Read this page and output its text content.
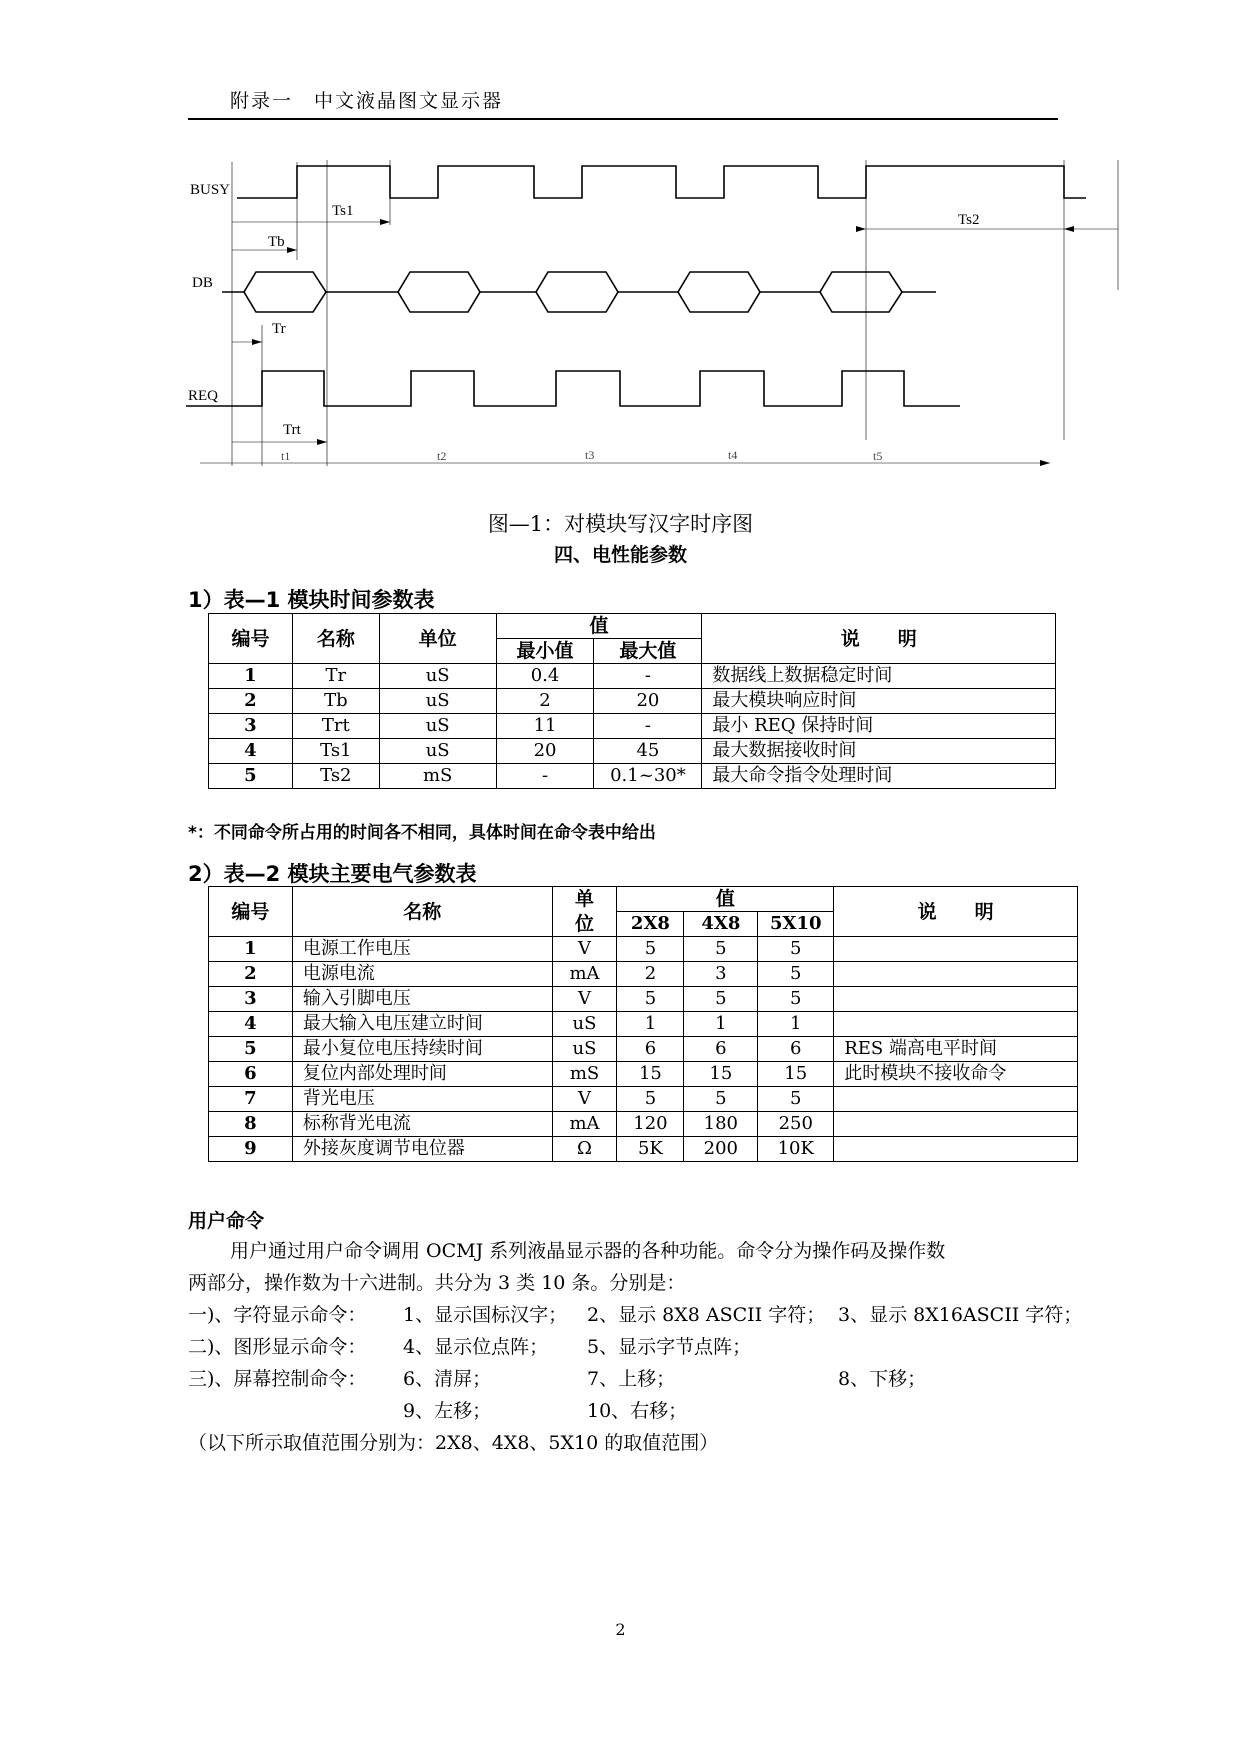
附录一　中文液晶图文显示器
BUSY
DB
REQ
Ts1
Tb
Ts2
Tr
Trt
t1	t2	t3	t4	t5
图—1：对模块写汉字时序图
四、电性能参数
1）表—1 模块时间参数表
编号	名称	单位	值		说　　明
			最小值	最大值	
1	Tr	uS	0.4	-	数据线上数据稳定时间
2	Tb	uS	2	20	最大模块响应时间
3	Trt	uS	11	-	最小 REQ 保持时间
4	Ts1	uS	20	45	最大数据接收时间
5	Ts2	mS	-	0.1~30*	最大命令指令处理时间
*：不同命令所占用的时间各不相同，具体时间在命令表中给出
2）表—2 模块主要电气参数表
编号	名称	单	值			说　　明
		位	2X8	4X8	5X10	
1	电源工作电压	V	5	5	5	
2	电源电流	mA	2	3	5	
3	输入引脚电压	V	5	5	5	
4	最大输入电压建立时间	uS	1	1	1	
5	最小复位电压持续时间	uS	6	6	6	RES 端高电平时间
6	复位内部处理时间	mS	15	15	15	此时模块不接收命令
7	背光电压	V	5	5	5	
8	标称背光电流	mA	120	180	250	
9	外接灰度调节电位器	Ω	5K	200	10K	
用户命令
用户通过用户命令调用 OCMJ 系列液晶显示器的各种功能。命令分为操作码及操作数
两部分，操作数为十六进制。共分为 3 类 10 条。分别是：
一)、字符显示命令： 1、显示国标汉字； 2、显示 8X8 ASCII 字符； 3、显示 8X16ASCII 字符；
二)、图形显示命令： 4、显示位点阵； 5、显示字节点阵；
三)、屏幕控制命令： 6、清屏；	7、上移；	8、下移；
9、左移；	10、右移；
（以下所示取值范围分别为：2X8、4X8、5X10 的取值范围）
2
